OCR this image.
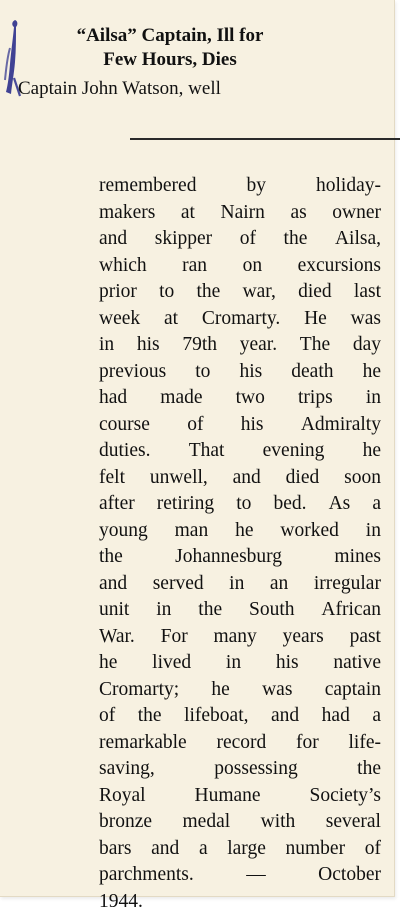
“Ailsa” Captain, Ill for
Few Hours, Dies
Captain John Watson, well
remembered	by	holiday-
makers at Nairn as owner
and skipper of the Ailsa,
which ran on excursions
prior to the war, died last
week at Cromarty. He was
in his 79th year. The day
previous to his death he
had made two trips in
course of his Admiralty
duties. That evening he
felt unwell, and died soon
after retiring to bed. As a
young man he worked in
the	Johannesburg	mines
and served in an irregular
unit in the South African
War. For many years past
he lived in his native
Cromarty; he was captain
of the lifeboat, and had a
remarkable record for life-
saving,	possessing	the
Royal	Humane	Society’s
bronze medal with several
bars and a large number of
parchments.	—	October
1944.
